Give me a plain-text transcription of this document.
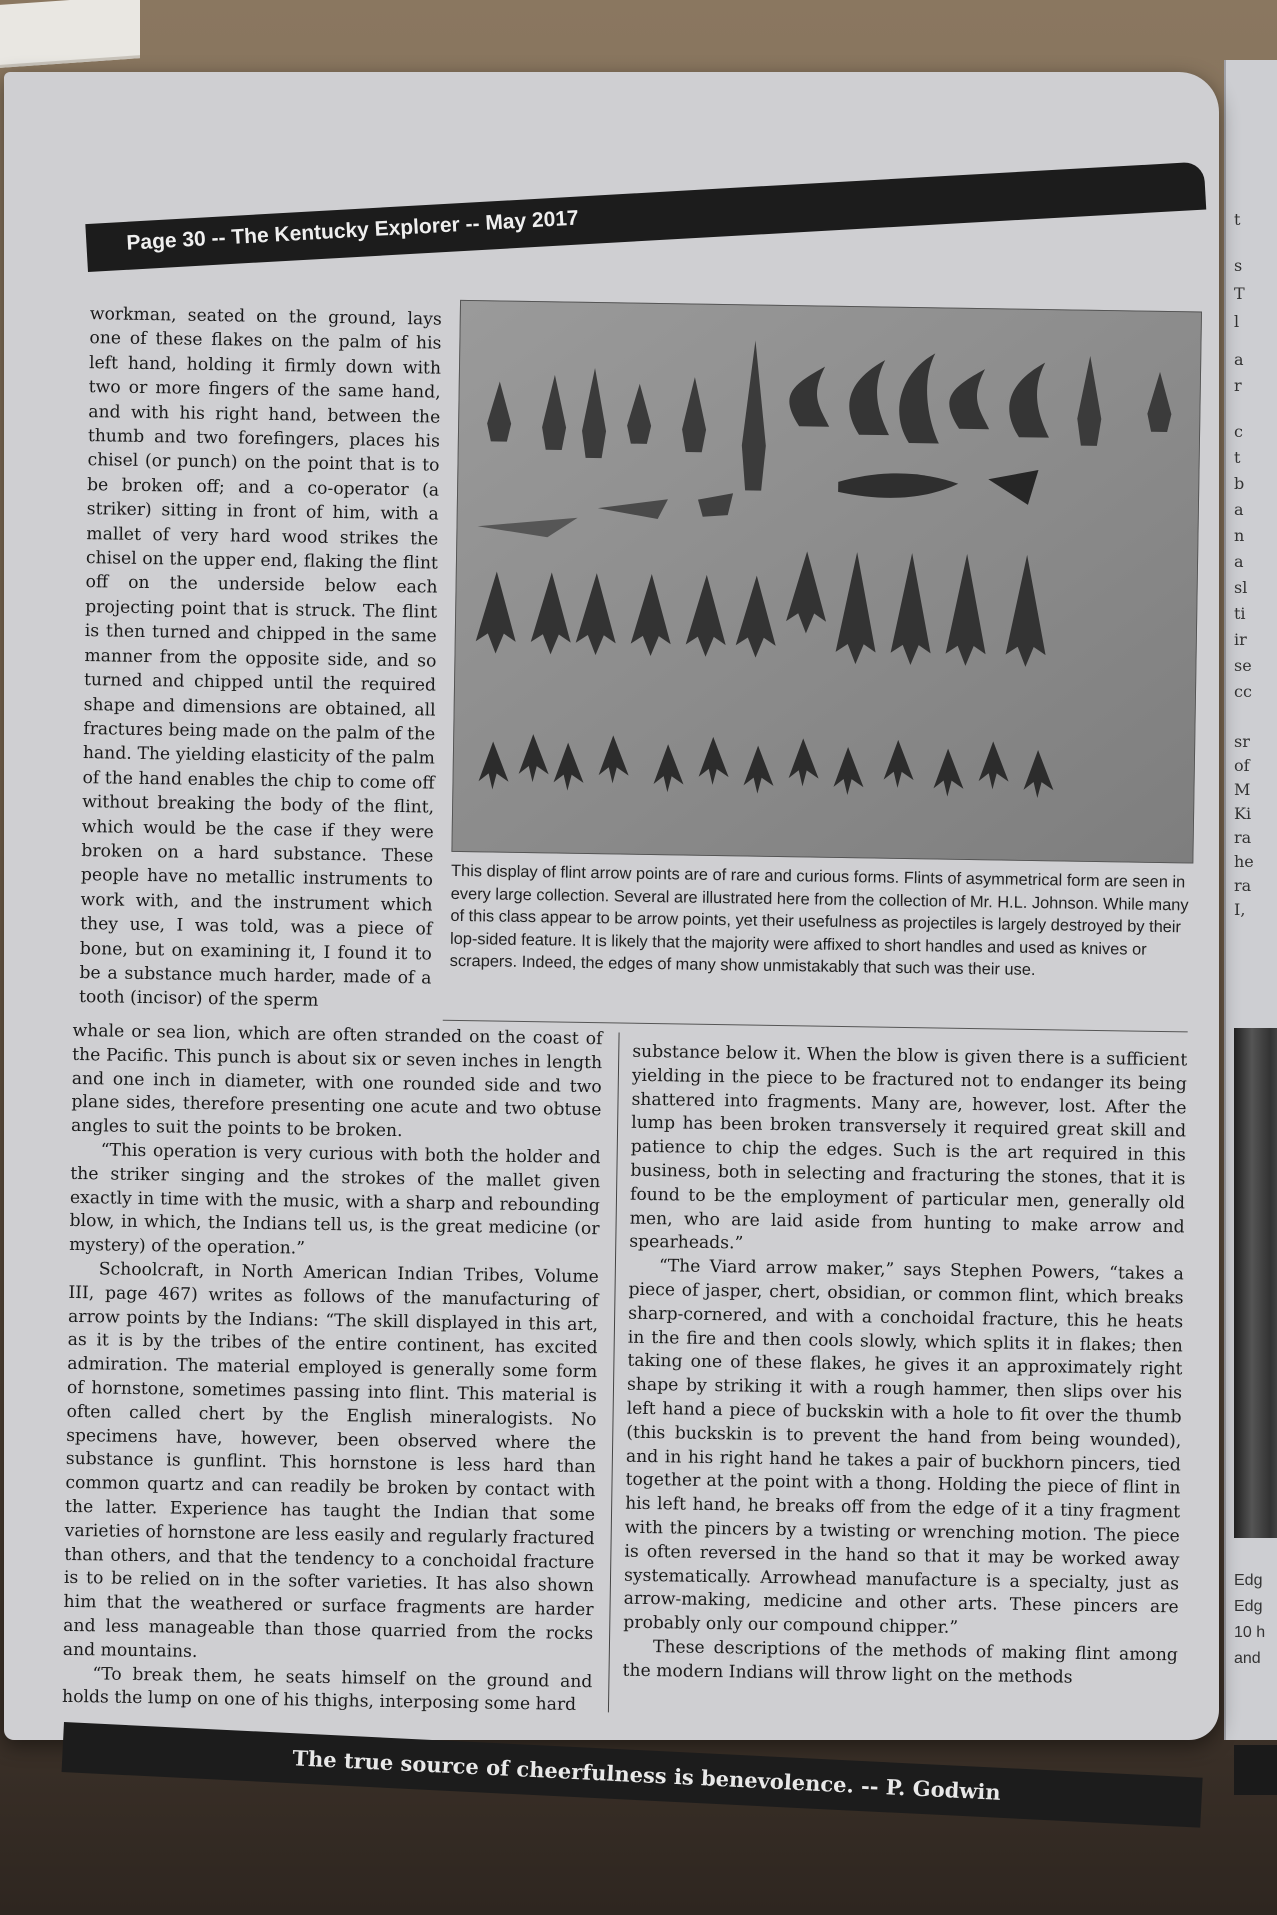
t
s
T
l
a
r
c
t
b
a
n
a
sl
ti
ir
se
cc
sr
of
M
Ki
ra
he
ra
I,
Edg
Edg
10 h
and
Page 30 -- The Kentucky Explorer -- May 2017

workman, seated on the ground, lays one of these flakes on the palm of his left hand, holding it firmly down with two or more fingers of the same hand, and with his right hand, between the thumb and two forefingers, places his chisel (or punch) on the point that is to be broken off; and a co-operator (a striker) sitting in front of him, with a mallet of very hard wood strikes the chisel on the upper end, flaking the flint off on the underside below each projecting point that is struck. The flint is then turned and chipped in the same manner from the opposite side, and so turned and chipped until the required shape and dimensions are obtained, all fractures being made on the palm of the hand. The yielding elasticity of the palm of the hand enables the chip to come off without breaking the body of the flint, which would be the case if they were broken on a hard substance. These people have no metallic instruments to work with, and the instrument which they use, I was told, was a piece of bone, but on examining it, I found it to be a substance much harder, made of a tooth (incisor) of the sperm

This display of flint arrow points are of rare and curious forms. Flints of asymmetrical form are seen in every large collection. Several are illustrated here from the collection of Mr. H.L. Johnson. While many of this class appear to be arrow points, yet their usefulness as projectiles is largely destroyed by their lop-sided feature. It is likely that the majority were affixed to short handles and used as knives or scrapers. Indeed, the edges of many show unmistakably that such was their use.

whale or sea lion, which are often stranded on the coast of the Pacific. This punch is about six or seven inches in length and one inch in diameter, with one rounded side and two plane sides, therefore presenting one acute and two obtuse angles to suit the points to be broken.

“This operation is very curious with both the holder and the striker singing and the strokes of the mallet given exactly in time with the music, with a sharp and rebounding blow, in which, the Indians tell us, is the great medicine (or mystery) of the operation.”

Schoolcraft, in North American Indian Tribes, Volume III, page 467) writes as follows of the manufacturing of arrow points by the Indians: “The skill displayed in this art, as it is by the tribes of the entire continent, has excited admiration. The material employed is generally some form of hornstone, sometimes passing into flint. This material is often called chert by the English mineralogists. No specimens have, however, been observed where the substance is gunflint. This hornstone is less hard than common quartz and can readily be broken by contact with the latter. Experience has taught the Indian that some varieties of hornstone are less easily and regularly fractured than others, and that the tendency to a conchoidal fracture is to be relied on in the softer varieties. It has also shown him that the weathered or surface fragments are harder and less manageable than those quarried from the rocks and mountains.

“To break them, he seats himself on the ground and holds the lump on one of his thighs, interposing some hard

substance below it. When the blow is given there is a sufficient yielding in the piece to be fractured not to endanger its being shattered into fragments. Many are, however, lost. After the lump has been broken transversely it required great skill and patience to chip the edges. Such is the art required in this business, both in selecting and fracturing the stones, that it is found to be the employment of particular men, generally old men, who are laid aside from hunting to make arrow and spearheads.”

“The Viard arrow maker,” says Stephen Powers, “takes a piece of jasper, chert, obsidian, or common flint, which breaks sharp-cornered, and with a conchoidal fracture, this he heats in the fire and then cools slowly, which splits it in flakes; then taking one of these flakes, he gives it an approximately right shape by striking it with a rough hammer, then slips over his left hand a piece of buckskin with a hole to fit over the thumb (this buckskin is to prevent the hand from being wounded), and in his right hand he takes a pair of buckhorn pincers, tied together at the point with a thong. Holding the piece of flint in his left hand, he breaks off from the edge of it a tiny fragment with the pincers by a twisting or wrenching motion. The piece is often reversed in the hand so that it may be worked away systematically. Arrowhead manufacture is a specialty, just as arrow-making, medicine and other arts. These pincers are probably only our compound chipper.”

These descriptions of the methods of making flint among the modern Indians will throw light on the methods

The true source of cheerfulness is benevolence. -- P. Godwin
